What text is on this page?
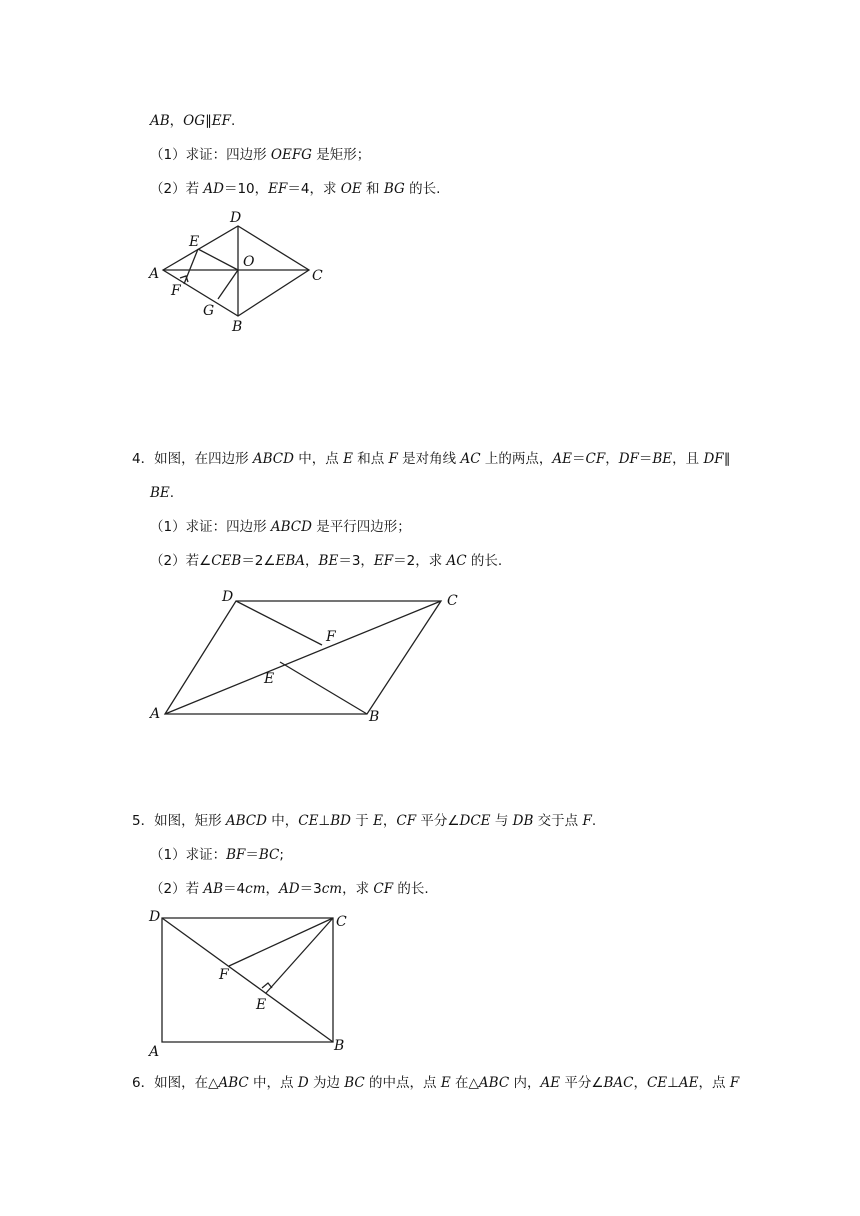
AB，OG∥EF.
（1）求证：四边形 OEFG 是矩形；
（2）若 AD＝10，EF＝4，求 OE 和 BG 的长.
D
E
A
O
C
F
G
B
4．如图，在四边形 ABCD 中，点 E 和点 F 是对角线 AC 上的两点，AE＝CF，DF＝BE，且 DF∥
BE.
（1）求证：四边形 ABCD 是平行四边形；
（2）若∠CEB＝2∠EBA，BE＝3，EF＝2，求 AC 的长.
D	C
F
E
A	B
5．如图，矩形 ABCD 中，CE⊥BD 于 E，CF 平分∠DCE 与 DB 交于点 F.
（1）求证：BF＝BC;
（2）若 AB＝4cm，AD＝3cm，求 CF 的长.
D	C
F
E
A	B
6．如图，在△ABC 中，点 D 为边 BC 的中点，点 E 在△ABC 内，AE 平分∠BAC，CE⊥AE，点 F
